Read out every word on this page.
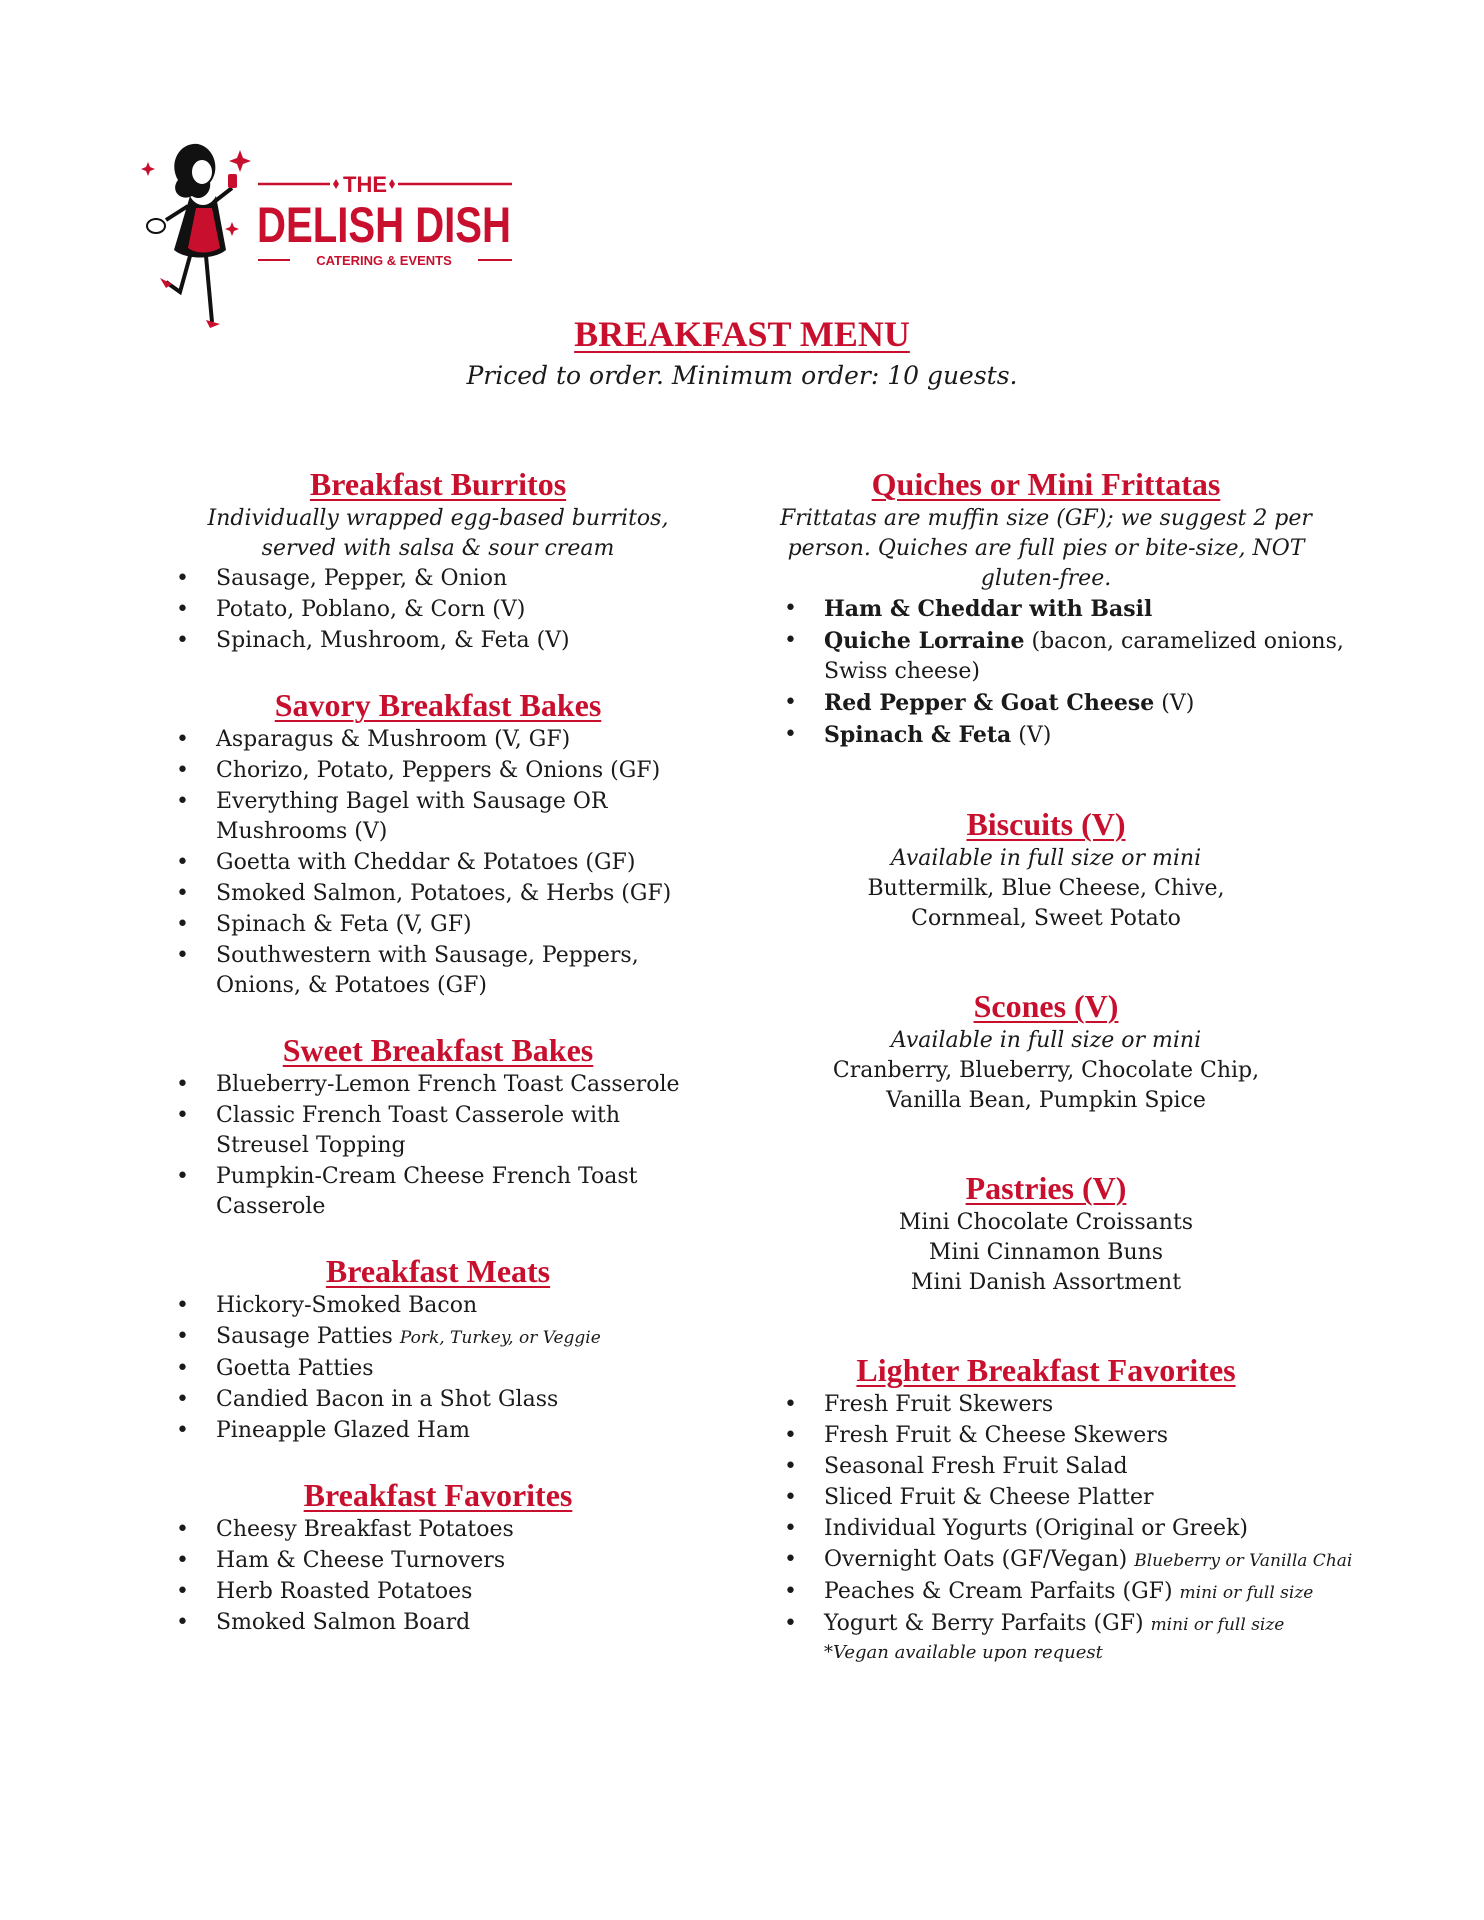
THE
DELISH DISH
CATERING & EVENTS
BREAKFAST MENU

Priced to order. Minimum order: 10 guests.

Breakfast Burritos

Individually wrapped egg-based burritos, served with salsa & sour cream

• Sausage, Pepper, & Onion
• Potato, Poblano, & Corn (V)
• Spinach, Mushroom, & Feta (V)
Savory Breakfast Bakes
• Asparagus & Mushroom (V, GF)
• Chorizo, Potato, Peppers & Onions (GF)
• Everything Bagel with Sausage OR Mushrooms (V)
• Goetta with Cheddar & Potatoes (GF)
• Smoked Salmon, Potatoes, & Herbs (GF)
• Spinach & Feta (V, GF)
• Southwestern with Sausage, Peppers, Onions, & Potatoes (GF)
Sweet Breakfast Bakes
• Blueberry-Lemon French Toast Casserole
• Classic French Toast Casserole with Streusel Topping
• Pumpkin-Cream Cheese French Toast Casserole
Breakfast Meats
• Hickory-Smoked Bacon
• Sausage Patties Pork, Turkey, or Veggie
• Goetta Patties
• Candied Bacon in a Shot Glass
• Pineapple Glazed Ham
Breakfast Favorites
• Cheesy Breakfast Potatoes
• Ham & Cheese Turnovers
• Herb Roasted Potatoes
• Smoked Salmon Board
Quiches or Mini Frittatas

Frittatas are muffin size (GF); we suggest 2 per person. Quiches are full pies or bite-size, NOT gluten-free.

• Ham & Cheddar with Basil
• Quiche Lorraine (bacon, caramelized onions, Swiss cheese)
• Red Pepper & Goat Cheese (V)
• Spinach & Feta (V)
Biscuits (V)

Available in full size or mini

Buttermilk, Blue Cheese, Chive,

Cornmeal, Sweet Potato

Scones (V)

Available in full size or mini

Cranberry, Blueberry, Chocolate Chip,

Vanilla Bean, Pumpkin Spice

Pastries (V)

Mini Chocolate Croissants

Mini Cinnamon Buns

Mini Danish Assortment

Lighter Breakfast Favorites
• Fresh Fruit Skewers
• Fresh Fruit & Cheese Skewers
• Seasonal Fresh Fruit Salad
• Sliced Fruit & Cheese Platter
• Individual Yogurts (Original or Greek)
• Overnight Oats (GF/Vegan) Blueberry or Vanilla Chai
• Peaches & Cream Parfaits (GF) mini or full size
• Yogurt & Berry Parfaits (GF) mini or full size
*Vegan available upon request
